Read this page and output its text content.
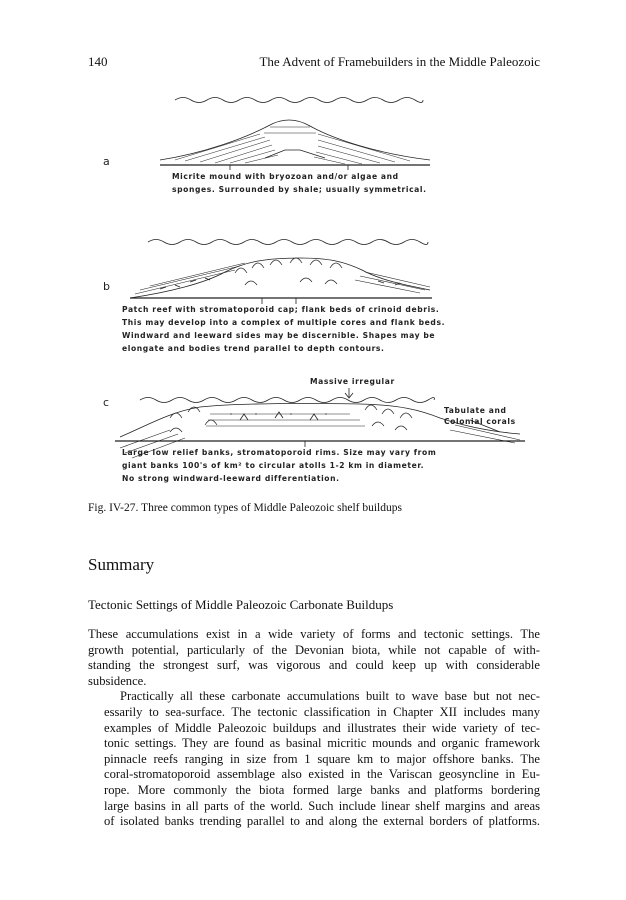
140	The Advent of Framebuilders in the Middle Paleozoic
a
Micrite mound with bryozoan and/or algae and
sponges. Surrounded by shale; usually symmetrical.
b
Patch reef with stromatoporoid cap; flank beds of crinoid debris.
This may develop into a complex of multiple cores and flank beds.
Windward and leeward sides may be discernible. Shapes may be
elongate and bodies trend parallel to depth contours.
Massive irregular
c
Tabulate and
Colonial corals
Large low relief banks, stromatoporoid rims. Size may vary from
giant banks 100's of km² to circular atolls 1-2 km in diameter.
No strong windward-leeward differentiation.

Fig. IV-27. Three common types of Middle Paleozoic shelf buildups

Summary
Tectonic Settings of Middle Paleozoic Carbonate Buildups

These accumulations exist in a wide variety of forms and tectonic settings. The
growth potential, particularly of the Devonian biota, while not capable of with-
standing the strongest surf, was vigorous and could keep up with considerable
subsidence.

Practically all these carbonate accumulations built to wave base but not nec-
essarily to sea-surface. The tectonic classification in Chapter XII includes many
examples of Middle Paleozoic buildups and illustrates their wide variety of tec-
tonic settings. They are found as basinal micritic mounds and organic framework
pinnacle reefs ranging in size from 1 square km to major offshore banks. The
coral-stromatoporoid assemblage also existed in the Variscan geosyncline in Eu-
rope. More commonly the biota formed large banks and platforms bordering
large basins in all parts of the world. Such include linear shelf margins and areas
of isolated banks trending parallel to and along the external borders of platforms.
